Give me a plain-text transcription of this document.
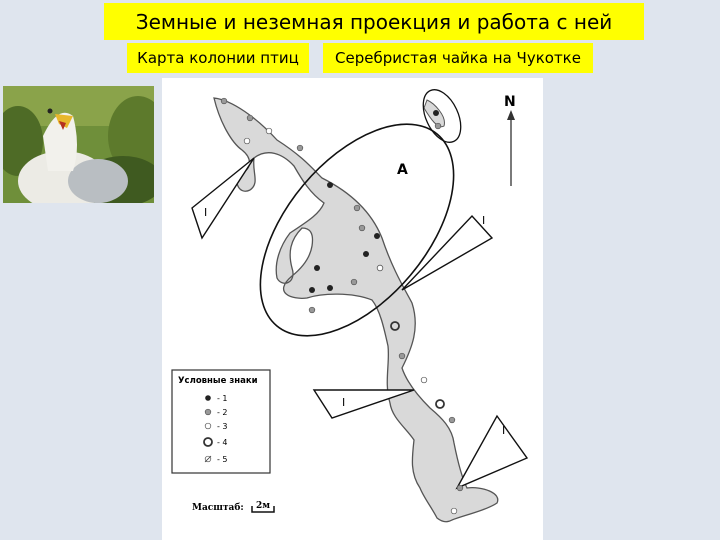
Земные и неземная проекция и работа с ней
Карта колонии птиц	Серебристая чайка на Чукотке
I
I
I
I
N
A
Условные знаки
- 1
- 2
- 3
- 4
- 5
Масштаб: 2м
